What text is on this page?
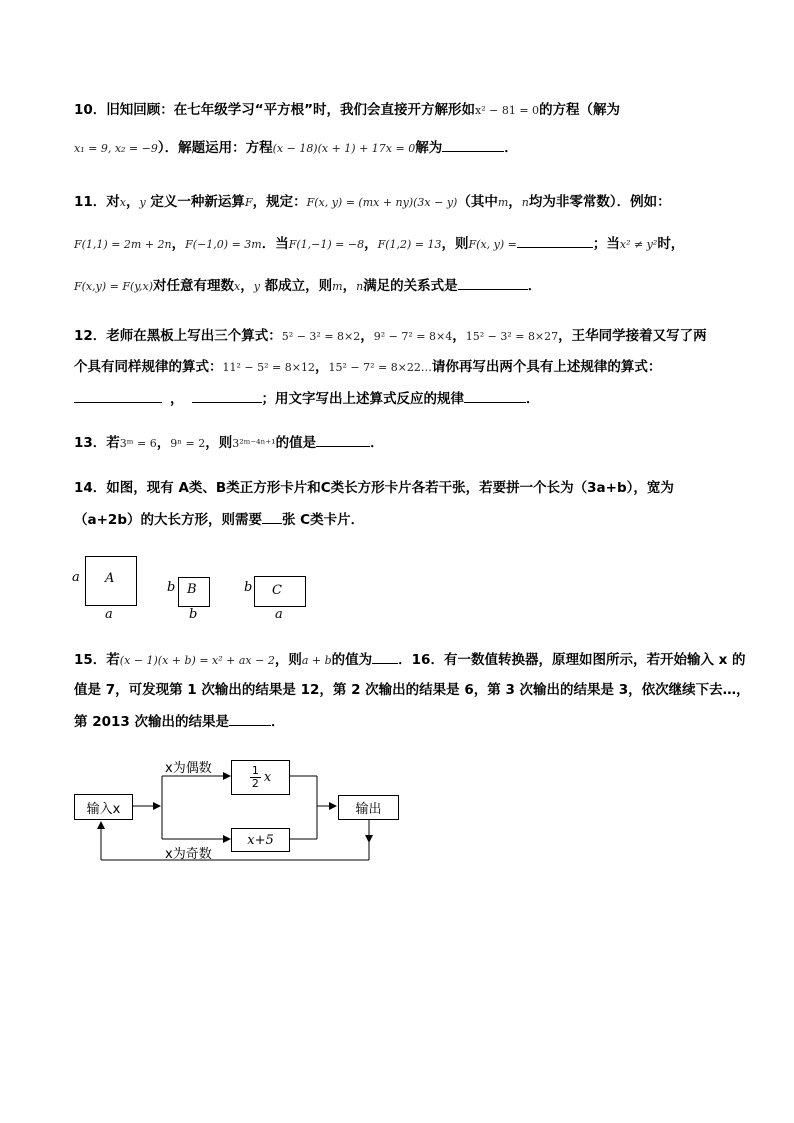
10．旧知回顾：在七年级学习“平方根”时，我们会直接开方解形如x² − 81 = 0的方程（解为
x₁ = 9, x₂ = −9）．解题运用：方程(x − 18)(x + 1) + 17x = 0解为	．
11．对x，y 定义一种新运算F，规定：F(x, y) = (mx + ny)(3x − y)（其中m，n均为非零常数）．例如：
F(1,1) = 2m + 2n，F(−1,0) = 3m．当F(1,−1) = −8，F(1,2) = 13，则F(x, y) =	；当x² ≠ y²时，
F(x,y) = F(y,x)对任意有理数x，y 都成立，则m，n满足的关系式是	．
12．老师在黑板上写出三个算式：5² − 3² = 8×2，9² − 7² = 8×4，15² − 3² = 8×27，王华同学接着又写了两
个具有同样规律的算式：11² − 5² = 8×12，15² − 7² = 8×22…请你再写出两个具有上述规律的算式：
，	；用文字写出上述算式反应的规律	．
13．若3ᵐ = 6，9ⁿ = 2，则3²ᵐ⁻⁴ⁿ⁺¹的值是	．
14．如图，现有 A类、B类正方形卡片和C类长方形卡片各若干张，若要拼一个长为（3a+b），宽为
（a+2b）的大长方形，则需要 张 C类卡片．
A
a
a
B
b
b
C
b
a
15．若(x − 1)(x + b) = x² + ax − 2，则a + b的值为 ．16．有一数值转换器，原理如图所示，若开始输入 x 的
值是 7，可发现第 1 次输出的结果是 12，第 2 次输出的结果是 6，第 3 次输出的结果是 3，依次继续下去…，
第 2013 次输出的结果是	．
输入x
x为偶数	$\frac{1}{2}$ x
x+5
输出
x为奇数
